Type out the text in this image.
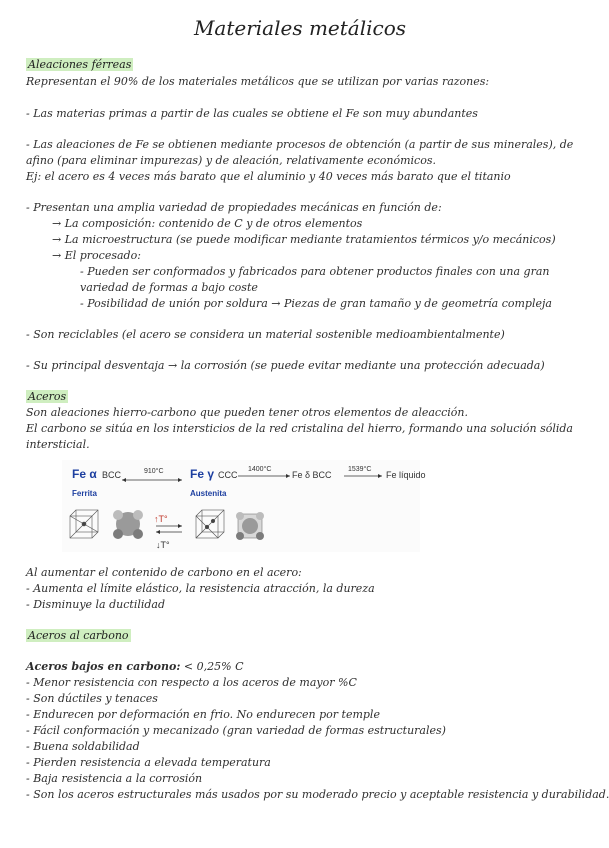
Materiales metálicos
Aleaciones férreas
Representan el 90% de los materiales metálicos que se utilizan por varias razones:
- Las materias primas a partir de las cuales se obtiene el Fe son muy abundantes
- Las aleaciones de Fe se obtienen mediante procesos de obtención (a partir de sus minerales), de
afino (para eliminar impurezas) y de aleación, relativamente económicos.
Ej: el acero es 4 veces más barato que el aluminio y 40 veces más barato que el titanio
- Presentan una amplia variedad de propiedades mecánicas en función de:
→ La composición: contenido de C y de otros elementos
→ La microestructura (se puede modificar mediante tratamientos térmicos y/o mecánicos)
→ El procesado:
- Pueden ser conformados y fabricados para obtener productos finales con una gran
variedad de formas a bajo coste
- Posibilidad de unión por soldura → Piezas de gran tamaño y de geometría compleja
- Son reciclables (el acero se considera un material sostenible medioambientalmente)
- Su principal desventaja → la corrosión (se puede evitar mediante una protección adecuada)
Aceros
Son aleaciones hierro-carbono que pueden tener otros elementos de aleacción.
El carbono se sitúa en los intersticios de la red cristalina del hierro, formando una solución sólida
intersticial.
Fe α BCC	910°C
Ferrita
Fe γ CCC
1400°C
Fe δ BCC
1539°C
Fe líquido
Austenita
↑T°
↓T°
Al aumentar el contenido de carbono en el acero:
- Aumenta el límite elástico, la resistencia atracción, la dureza
- Disminuye la ductilidad
Aceros al carbono
Aceros bajos en carbono: < 0,25% C
- Menor resistencia con respecto a los aceros de mayor %C
- Son dúctiles y tenaces
- Endurecen por deformación en frio. No endurecen por temple
- Fácil conformación y mecanizado (gran variedad de formas estructurales)
- Buena soldabilidad
- Pierden resistencia a elevada temperatura
- Baja resistencia a la corrosión
- Son los aceros estructurales más usados por su moderado precio y aceptable resistencia y durabilidad.
